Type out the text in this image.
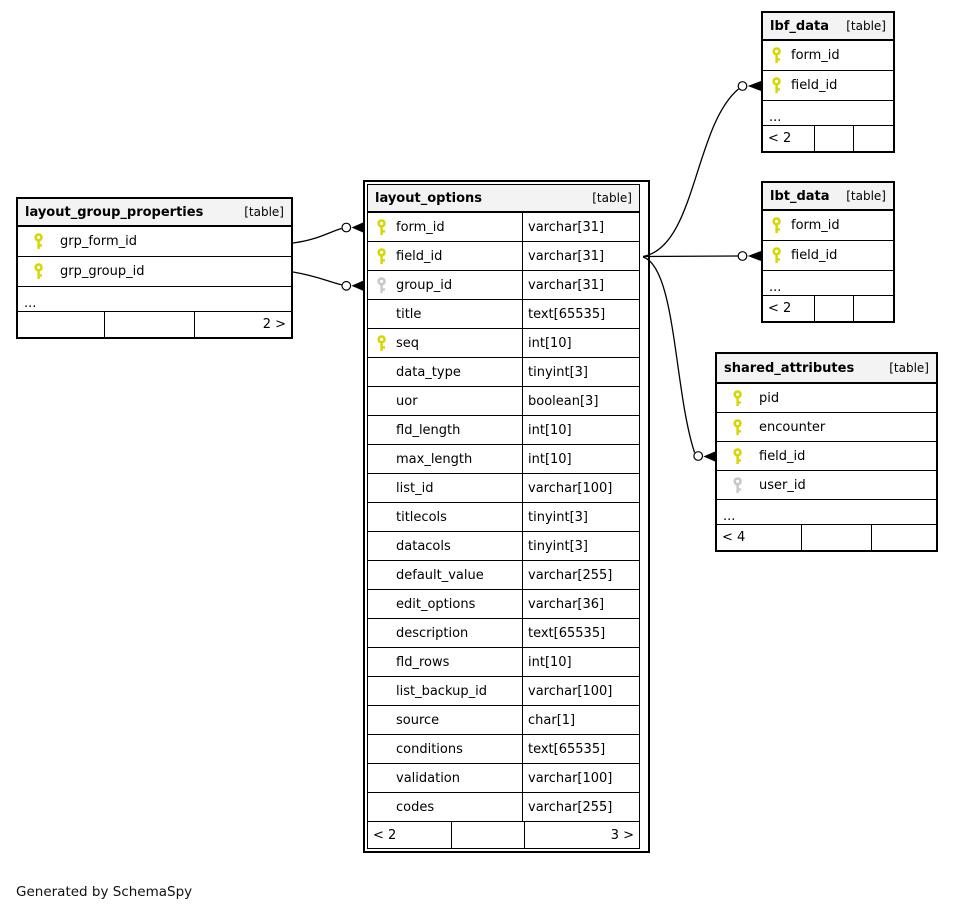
layout_group_properties	[table]
grp_form_id
grp_group_id
...
2 >
layout_options	[table]
form_id	varchar[31]
field_id	varchar[31]
group_id	varchar[31]
title	text[65535]
seq	int[10]
data_type	tinyint[3]
uor	boolean[3]
fld_length	int[10]
max_length	int[10]
list_id	varchar[100]
titlecols	tinyint[3]
datacols	tinyint[3]
default_value	varchar[255]
edit_options	varchar[36]
description	text[65535]
fld_rows	int[10]
list_backup_id	varchar[100]
source	char[1]
conditions	text[65535]
validation	varchar[100]
codes	varchar[255]
< 2	3 >
lbf_data [table]
form_id
field_id
...
< 2
lbt_data [table]
form_id
field_id
...
< 2
shared_attributes	[table]
pid
encounter
field_id
user_id
...
< 4
Generated by SchemaSpy
